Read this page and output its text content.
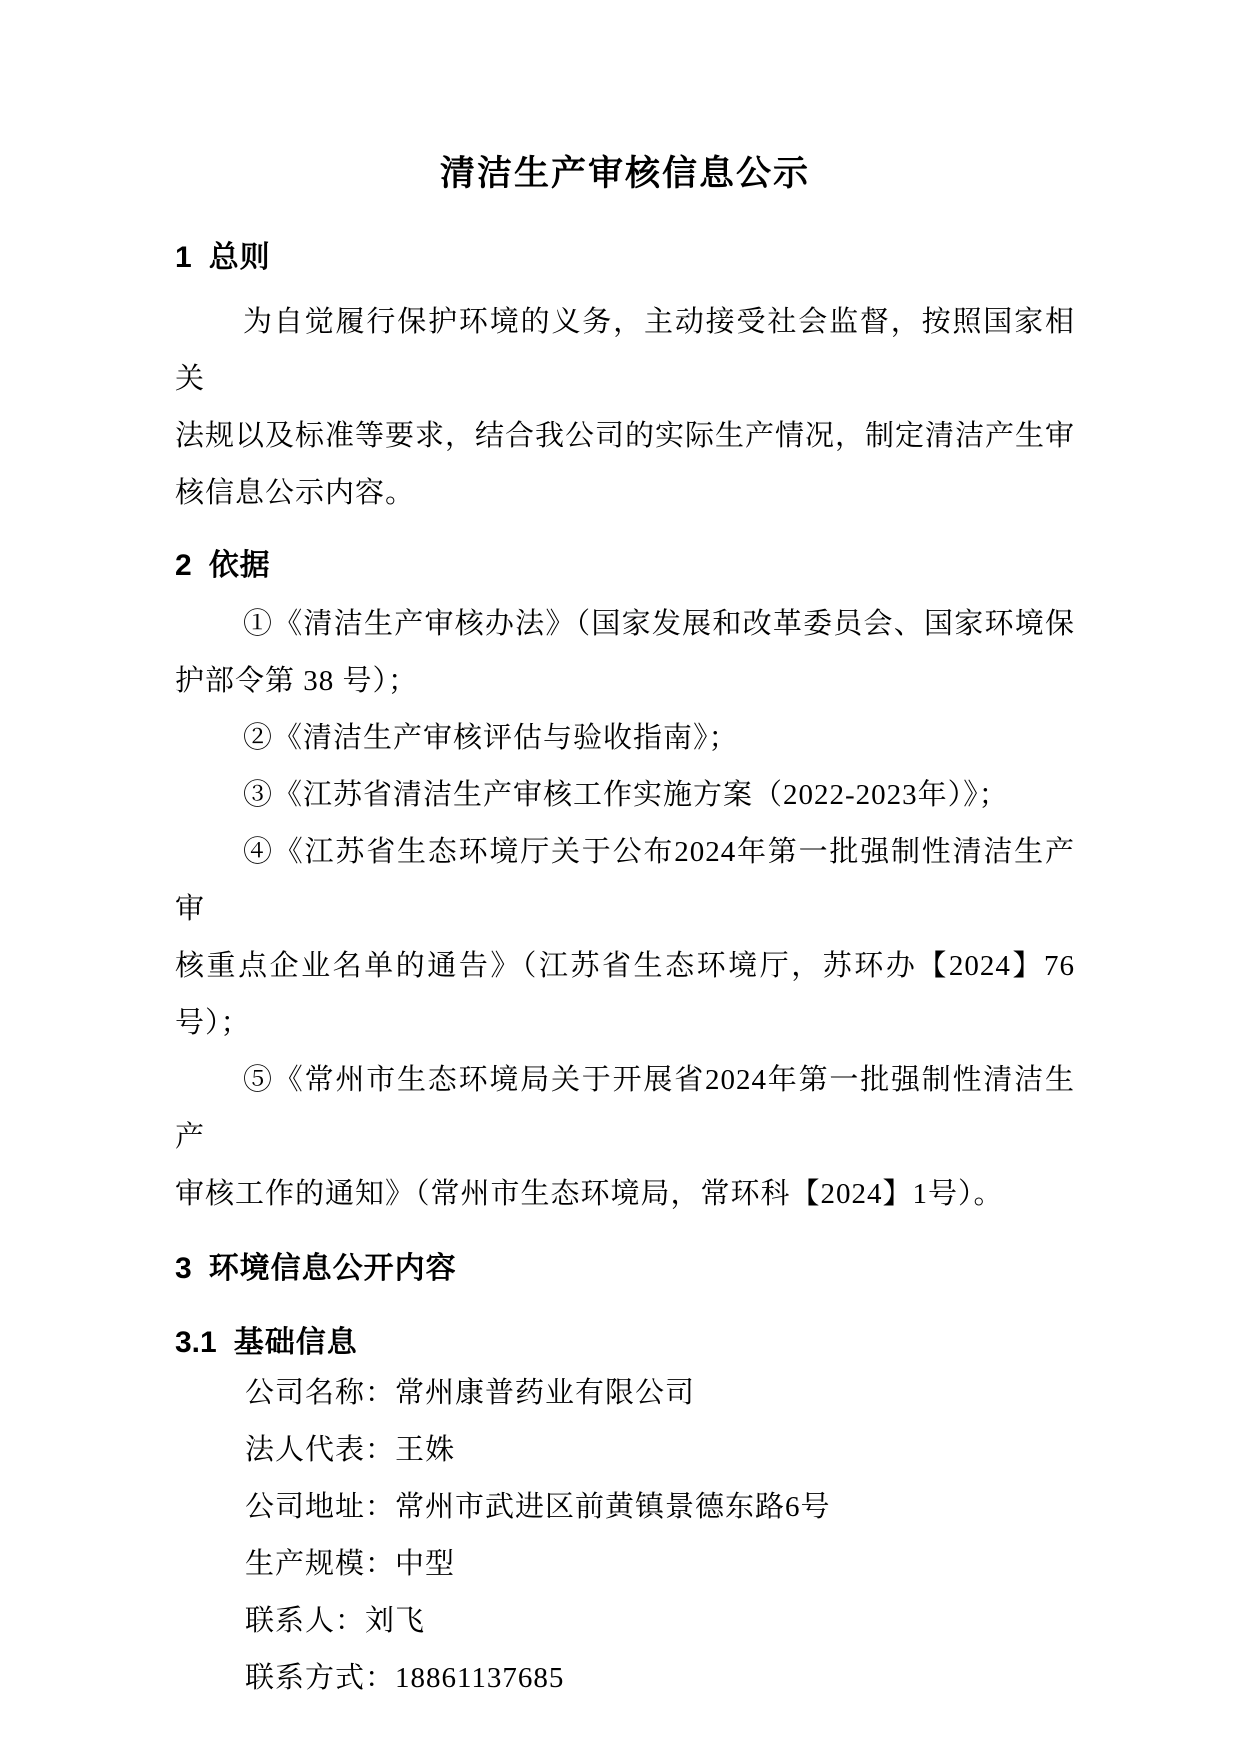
清洁生产审核信息公示
1 总则
为自觉履行保护环境的义务，主动接受社会监督，按照国家相关
法规以及标准等要求，结合我公司的实际生产情况，制定清洁产生审
核信息公示内容。
2 依据
①《清洁生产审核办法》（国家发展和改革委员会、国家环境保
护部令第 38 号）；
②《清洁生产审核评估与验收指南》；
③《江苏省清洁生产审核工作实施方案（2022-2023年）》；
④《江苏省生态环境厅关于公布2024年第一批强制性清洁生产审
核重点企业名单的通告》（江苏省生态环境厅，苏环办【2024】76
号）；
⑤《常州市生态环境局关于开展省2024年第一批强制性清洁生产
审核工作的通知》（常州市生态环境局，常环科【2024】1号）。
3 环境信息公开内容
3.1 基础信息
公司名称：常州康普药业有限公司
法人代表：王姝
公司地址：常州市武进区前黄镇景德东路6号
生产规模：中型
联系人：刘飞
联系方式：18861137685
